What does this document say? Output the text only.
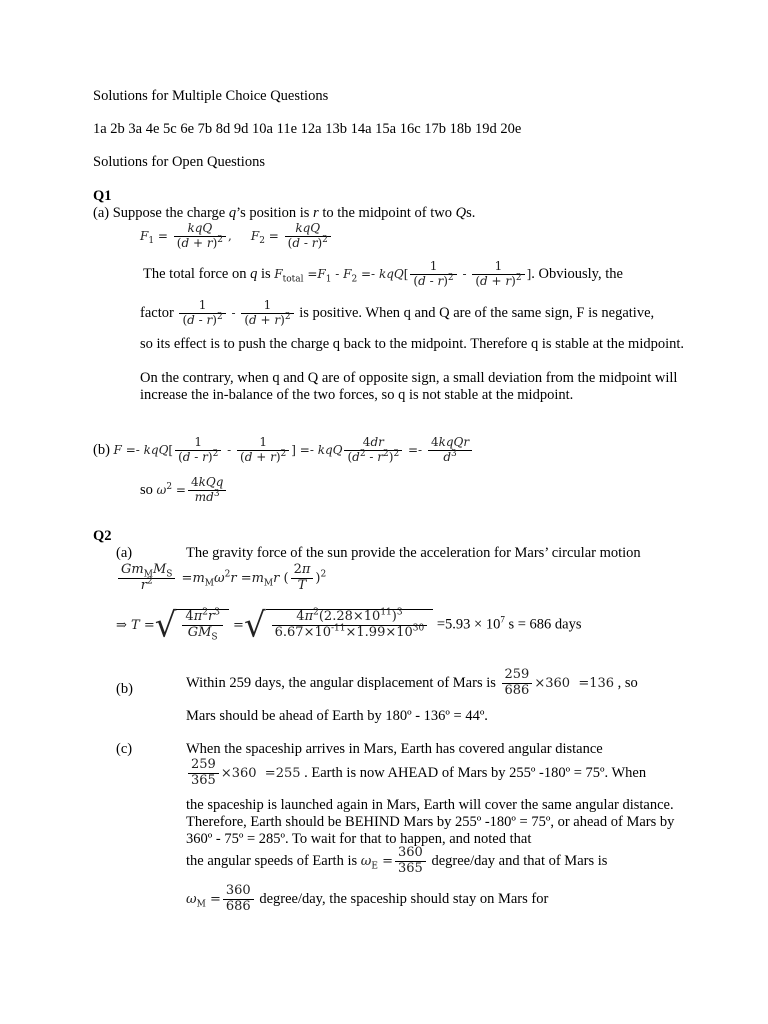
Solutions for Multiple Choice Questions
1a 2b 3a 4e 5c 6e 7b 8d 9d 10a 11e 12a 13b 14a 15a 16c 17b 18b 19d 20e
Solutions for Open Questions
Q1
(a) Suppose the charge q’s position is r to the midpoint of two Qs.
$F_1 = \frac{\text{kqQ}}{(d + r)^2}$ ,     $F_2 = \frac{\text{kqQ}}{(d - r)^2}$
The total force on q is $F_{total} =F_1 - F_2 =- kqQ[ \frac{1}{(d - r)^2} - \frac{1}{(d + r)^2}$ ]. Obviously, the
factor $\frac{1}{(d - r)^2} - \frac{1}{(d + r)^2}$ is positive. When q and Q are of the same sign, F is negative,
so its effect is to push the charge q back to the midpoint. Therefore q is stable at the midpoint.
On the contrary, when q and Q are of opposite sign, a small deviation from the midpoint will increase the in-balance of the two forces, so q is not stable at the midpoint.
(b) $F =- kqQ[ \frac{1}{(d - r)^2} - \frac{1}{(d + r)^2}$ ] =- kqQ $\frac{4dr}{(d^2 - r^2)^2} =- \frac{\text{4kqQr}}{d^3}$
so $\omega^2 = \frac{\text{4kQq}}{md^3}$
Q2
(a)	The gravity force of the sun provide the acceleration for Mars’ circular motion
$\frac{Gm_MM_S}{r^2} =m_M\omega^2r =m_Mr$ ( $\frac{2\pi}{T} )^2$
⇒ T =√ $\frac{4\pi^2r^3}{GM_S}$ =√ $\frac{4\pi^2(2.28\times 10^{11})^3}{6.67\times 10^{-11}\times 1.99\times 10^{30}} =5.93 \times 10^7$ s = 686 days
(b)	Within 259 days, the angular displacement of Mars is $\frac{259}{686} \times 360 =136$ , so
Mars should be ahead of Earth by 180º - 136º = 44º.
(c)	When the spaceship arrives in Mars, Earth has covered angular distance
$\frac{259}{365} \times 360 =255$ . Earth is now AHEAD of Mars by 255º -180º = 75º. When
the spaceship is launched again in Mars, Earth will cover the same angular distance. Therefore, Earth should be BEHIND Mars by 255º -180º = 75º, or ahead of Mars by 360º - 75º = 285º. To wait for that to happen, and noted that
the angular speeds of Earth is $\omega_E = \frac{360}{365}$ degree/day and that of Mars is
$\omega_M = \frac{360}{686}$ degree/day, the spaceship should stay on Mars for
